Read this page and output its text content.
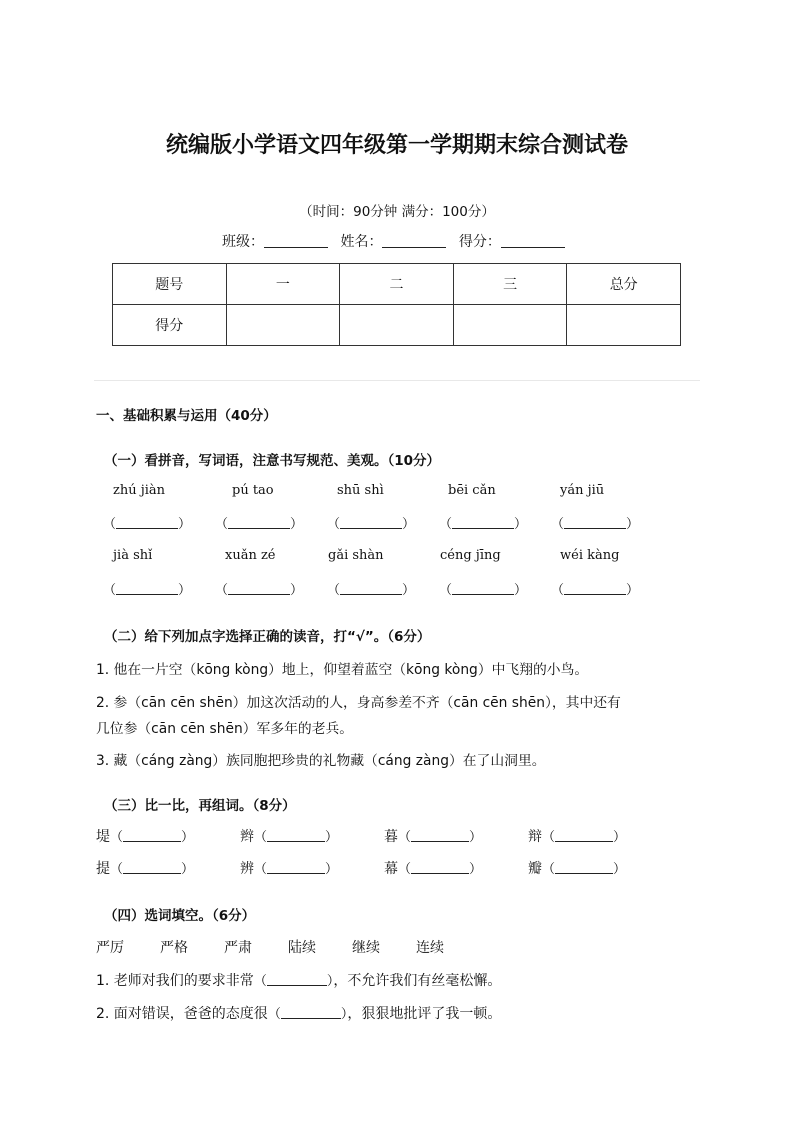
统编版小学语文四年级第一学期期末综合测试卷
（时间：90分钟 满分：100分）
班级：	姓名：	得分：
题号	一	二	三	总分
得分				
一、基础积累与运用（40分）
（一）看拼音，写词语，注意书写规范、美观。（10分）
zhú jiàn	pú tao	shū shì	bēi cǎn	yán jiū
（	） （	） （	） （	） （	）
jià shǐ	xuǎn zé	gǎi shàn	céng jīng	wéi kàng
（	） （	） （	） （	） （	）
（二）给下列加点字选择正确的读音，打“√”。（6分）
1. 他在一片空（kōng kòng）地上，仰望着蓝空（kōng kòng）中飞翔的小鸟。
2. 参（cān cēn shēn）加这次活动的人，身高参差不齐（cān cēn shēn），其中还有
几位参（cān cēn shēn）军多年的老兵。
3. 藏（cáng zàng）族同胞把珍贵的礼物藏（cáng zàng）在了山洞里。
（三）比一比，再组词。（8分）
堤（	）	辫（	）	暮（	）	辩（	）
提（	）	辨（	）	幕（	）	瓣（	）
（四）选词填空。（6分）
严厉	严格	严肃	陆续	继续	连续
1. 老师对我们的要求非常（	），不允许我们有丝毫松懈。
2. 面对错误，爸爸的态度很（	），狠狠地批评了我一顿。
